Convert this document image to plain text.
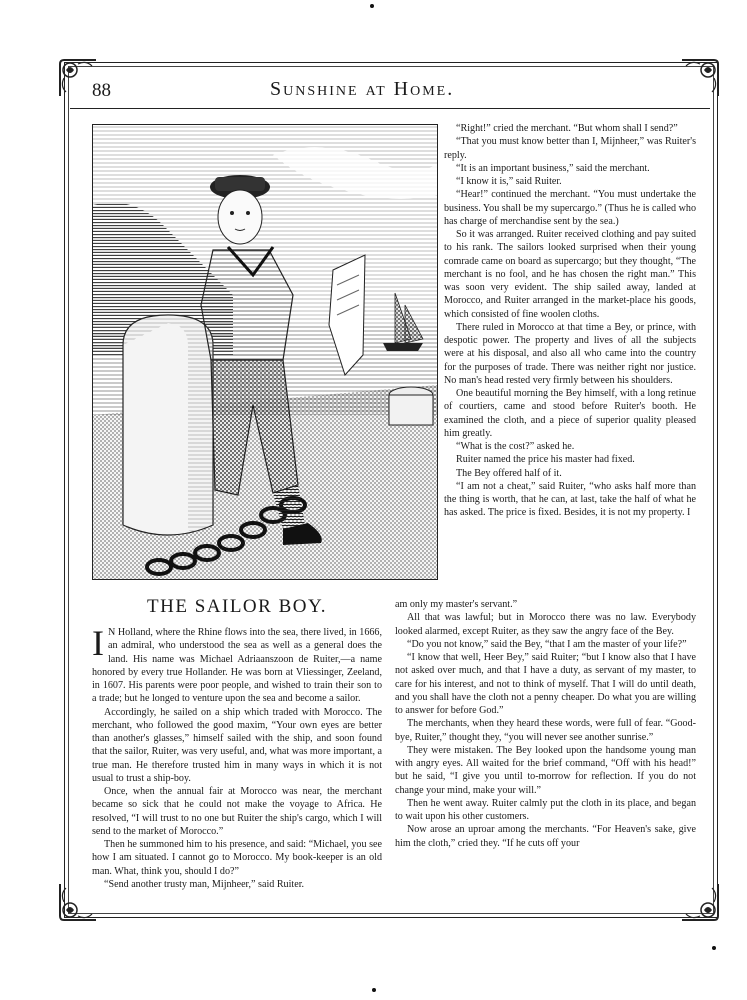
88	Sunshine at Home.
THE SAILOR BOY.

“Right!” cried the merchant. “But whom shall I send?”

“That you must know better than I, Mijnheer,” was Ruiter's reply.

“It is an important business,” said the merchant.

“I know it is,” said Ruiter.

“Hear!” continued the merchant. “You must undertake the business. You shall be my supercargo.” (Thus he is called who has charge of merchandise sent by the sea.)

So it was arranged. Ruiter received clothing and pay suited to his rank. The sailors looked surprised when their young comrade came on board as supercargo; but they thought, “The merchant is no fool, and he has chosen the right man.” This was soon very evident. The ship sailed away, landed at Morocco, and Ruiter arranged in the market-place his goods, which consisted of fine woolen cloths.

There ruled in Morocco at that time a Bey, or prince, with despotic power. The property and lives of all the subjects were at his disposal, and also all who came into the country for the purposes of trade. There was neither right nor justice. No man's head rested very firmly between his shoulders.

One beautiful morning the Bey himself, with a long retinue of courtiers, came and stood before Ruiter's booth. He examined the cloth, and a piece of superior quality pleased him greatly.

“What is the cost?” asked he.

Ruiter named the price his master had fixed.

The Bey offered half of it.

“I am not a cheat,” said Ruiter, “who asks half more than the thing is worth, that he can, at last, take the half of what he has asked. The price is fixed. Besides, it is not my property. I

I N Holland, where the Rhine flows into the sea, there lived, in 1666, an admiral, who understood the sea as well as a general does the land. His name was Michael Adriaanszoon de Ruiter,—a name honored by every true Hollander. He was born at Vliessinger, Zeeland, in 1607. His parents were poor people, and wished to train their son to a trade; but he longed to venture upon the sea and become a sailor.

Accordingly, he sailed on a ship which traded with Morocco. The merchant, who followed the good maxim, “Your own eyes are better than another's glasses,” himself sailed with the ship, and soon found that the sailor, Ruiter, was very useful, and, what was more important, a true man. He therefore trusted him in many ways in which it is not usual to trust a ship-boy.

Once, when the annual fair at Morocco was near, the merchant became so sick that he could not make the voyage to Africa. He resolved, “I will trust to no one but Ruiter the ship's cargo, which I will send to the market of Morocco.”

Then he summoned him to his presence, and said: “Michael, you see how I am situated. I cannot go to Morocco. My book-keeper is an old man. What, think you, should I do?”

“Send another trusty man, Mijnheer,” said Ruiter.

am only my master's servant.”

All that was lawful; but in Morocco there was no law. Everybody looked alarmed, except Ruiter, as they saw the angry face of the Bey.

“Do you not know,” said the Bey, “that I am the master of your life?”

“I know that well, Heer Bey,” said Ruiter; “but I know also that I have not asked over much, and that I have a duty, as servant of my master, to care for his interest, and not to think of myself. That I will do until death, and you shall have the cloth not a penny cheaper. Do what you are willing to answer for before God.”

The merchants, when they heard these words, were full of fear. “Good-bye, Ruiter,” thought they, “you will never see another sunrise.”

They were mistaken. The Bey looked upon the handsome young man with angry eyes. All waited for the brief command, “Off with his head!” but he said, “I give you until to-morrow for reflection. If you do not change your mind, make your will.”

Then he went away. Ruiter calmly put the cloth in its place, and began to wait upon his other customers.

Now arose an uproar among the merchants. “For Heaven's sake, give him the cloth,” cried they. “If he cuts off your
